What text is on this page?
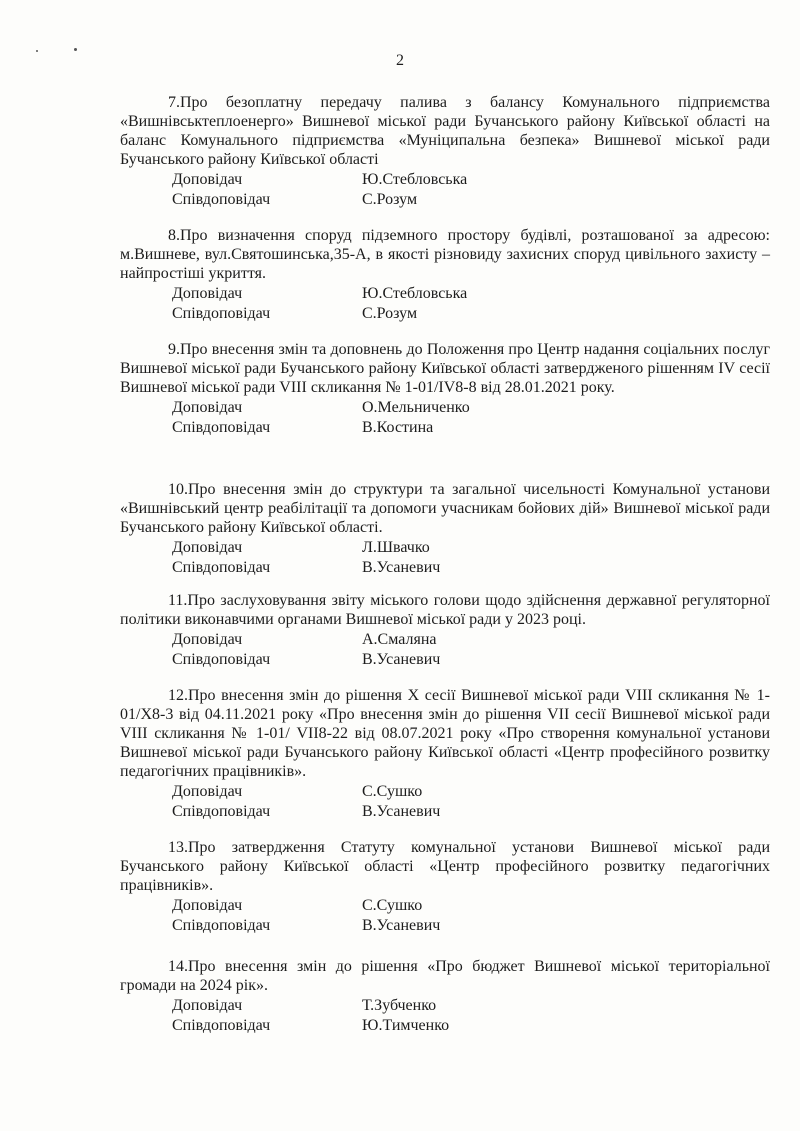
2

7.Про безоплатну передачу палива з балансу Комунального підприємства «Вишнівськтеплоенерго» Вишневої міської ради Бучанського району Київської області на баланс Комунального підприємства «Муніципальна безпека» Вишневої міської ради Бучанського району Київської області

Доповідач	Ю.Стебловська
Співдоповідач	С.Розум

8.Про визначення споруд підземного простору будівлі, розташованої за адресою: м.Вишневе, вул.Святошинська,35-А, в якості різновиду захисних споруд цивільного захисту – найпростіші укриття.

Доповідач	Ю.Стебловська
Співдоповідач	С.Розум

9.Про внесення змін та доповнень до Положення про Центр надання соціальних послуг Вишневої міської ради Бучанського району Київської області затвердженого рішенням IV сесії Вишневої міської ради VIII скликання № 1-01/IV8-8 від 28.01.2021 року.

Доповідач	О.Мельниченко
Співдоповідач	В.Костина

10.Про внесення змін до структури та загальної чисельності Комунальної установи «Вишнівський центр реабілітації та допомоги учасникам бойових дій» Вишневої міської ради Бучанського району Київської області.

Доповідач	Л.Швачко
Співдоповідач	В.Усаневич

11.Про заслуховування звіту міського голови щодо здійснення державної регуляторної політики виконавчими органами Вишневої міської ради у 2023 році.

Доповідач	А.Смаляна
Співдоповідач	В.Усаневич

12.Про внесення змін до рішення X сесії Вишневої міської ради VIII скликання № 1-01/X8-3 від 04.11.2021 року «Про внесення змін до рішення VII сесії Вишневої міської ради VIII скликання № 1-01/ VII8-22 від 08.07.2021 року «Про створення комунальної установи Вишневої міської ради Бучанського району Київської області «Центр професійного розвитку педагогічних працівників».

Доповідач	С.Сушко
Співдоповідач	В.Усаневич

13.Про затвердження Статуту комунальної установи Вишневої міської ради Бучанського району Київської області «Центр професійного розвитку педагогічних працівників».

Доповідач	С.Сушко
Співдоповідач	В.Усаневич

14.Про внесення змін до рішення «Про бюджет Вишневої міської територіальної громади на 2024 рік».

Доповідач	Т.Зубченко
Співдоповідач	Ю.Тимченко
